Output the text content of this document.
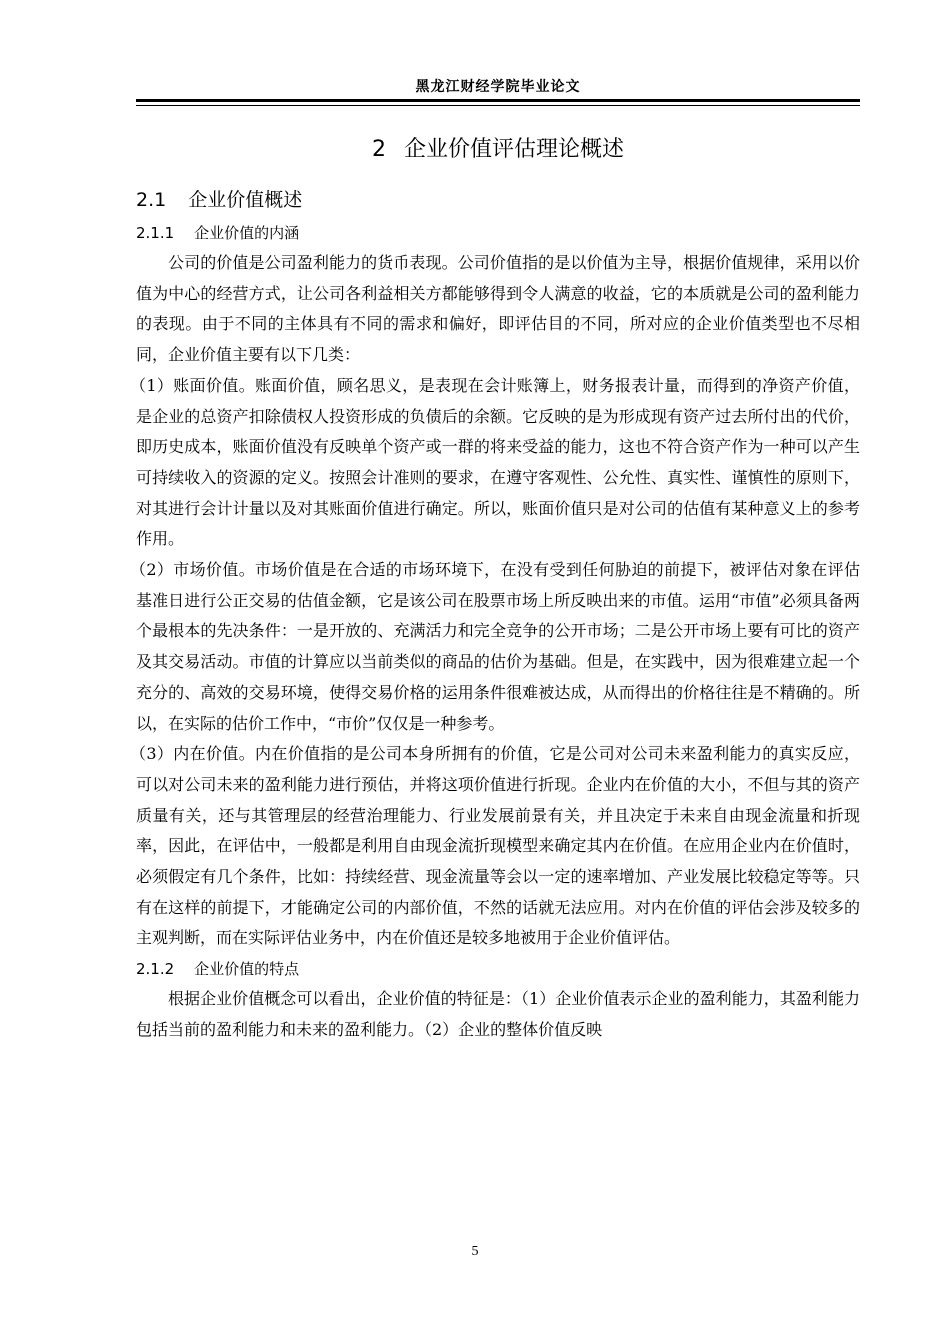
黑龙江财经学院毕业论文
2 企业价值评估理论概述
2.1 企业价值概述
2.1.1 企业价值的内涵

公司的价值是公司盈利能力的货币表现。公司价值指的是以价值为主导，根据价值规律，采用以价值为中心的经营方式，让公司各利益相关方都能够得到令人满意的收益，它的本质就是公司的盈利能力的表现。由于不同的主体具有不同的需求和偏好，即评估目的不同，所对应的企业价值类型也不尽相同，企业价值主要有以下几类：

（1）账面价值。账面价值，顾名思义，是表现在会计账簿上，财务报表计量，而得到的净资产价值，是企业的总资产扣除债权人投资形成的负债后的余额。它反映的是为形成现有资产过去所付出的代价，即历史成本，账面价值没有反映单个资产或一群的将来受益的能力，这也不符合资产作为一种可以产生可持续收入的资源的定义。按照会计准则的要求，在遵守客观性、公允性、真实性、谨慎性的原则下，对其进行会计计量以及对其账面价值进行确定。所以，账面价值只是对公司的估值有某种意义上的参考作用。

（2）市场价值。市场价值是在合适的市场环境下，在没有受到任何胁迫的前提下，被评估对象在评估基准日进行公正交易的估值金额，它是该公司在股票市场上所反映出来的市值。运用“市值”必须具备两个最根本的先决条件：一是开放的、充满活力和完全竞争的公开市场；二是公开市场上要有可比的资产及其交易活动。市值的计算应以当前类似的商品的估价为基础。但是，在实践中，因为很难建立起一个充分的、高效的交易环境，使得交易价格的运用条件很难被达成，从而得出的价格往往是不精确的。所以，在实际的估价工作中，“市价”仅仅是一种参考。

（3）内在价值。内在价值指的是公司本身所拥有的价值，它是公司对公司未来盈利能力的真实反应，可以对公司未来的盈利能力进行预估，并将这项价值进行折现。企业内在价值的大小，不但与其的资产质量有关，还与其管理层的经营治理能力、行业发展前景有关，并且决定于未来自由现金流量和折现率，因此，在评估中，一般都是利用自由现金流折现模型来确定其内在价值。在应用企业内在价值时，必须假定有几个条件，比如：持续经营、现金流量等会以一定的速率增加、产业发展比较稳定等等。只有在这样的前提下，才能确定公司的内部价值，不然的话就无法应用。对内在价值的评估会涉及较多的主观判断，而在实际评估业务中，内在价值还是较多地被用于企业价值评估。

2.1.2 企业价值的特点

根据企业价值概念可以看出，企业价值的特征是：（1）企业价值表示企业的盈利能力，其盈利能力包括当前的盈利能力和未来的盈利能力。（2）企业的整体价值反映

5
